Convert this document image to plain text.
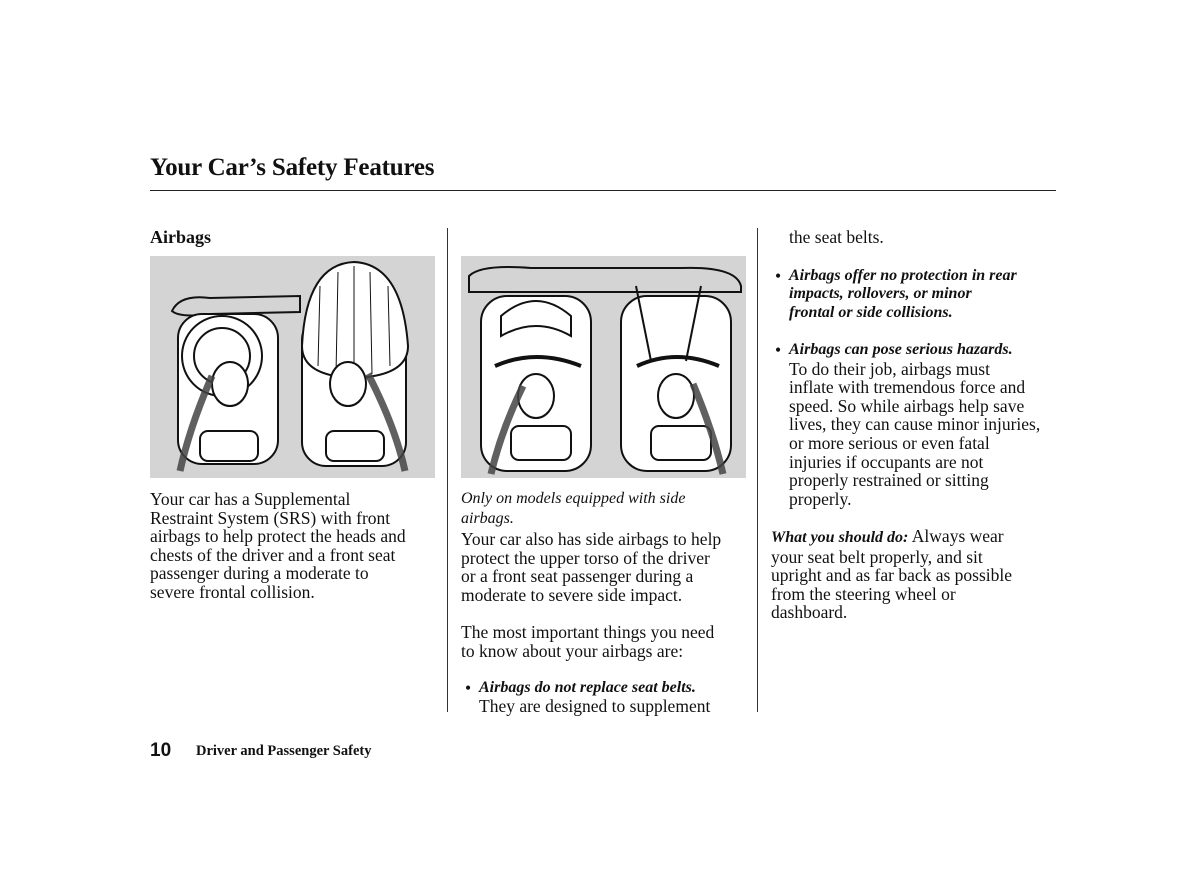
Your Car’s Safety Features
Airbags

Your car has a Supplemental

Restraint System (SRS) with front

airbags to help protect the heads and

chests of the driver and a front seat

passenger during a moderate to

severe frontal collision.

Only on models equipped with side

airbags.

Your car also has side airbags to help

protect the upper torso of the driver

or a front seat passenger during a

moderate to severe side impact.

The most important things you need

to know about your airbags are:

• Airbags do not replace seat belts.

They are designed to supplement

the seat belts.

• Airbags offer no protection in rear

impacts, rollovers, or minor

frontal or side collisions.

• Airbags can pose serious hazards.

To do their job, airbags must

inflate with tremendous force and

speed. So while airbags help save

lives, they can cause minor injuries,

or more serious or even fatal

injuries if occupants are not

properly restrained or sitting

properly.

What you should do: Always wear

your seat belt properly, and sit

upright and as far back as possible

from the steering wheel or

dashboard.

10 Driver and Passenger Safety
